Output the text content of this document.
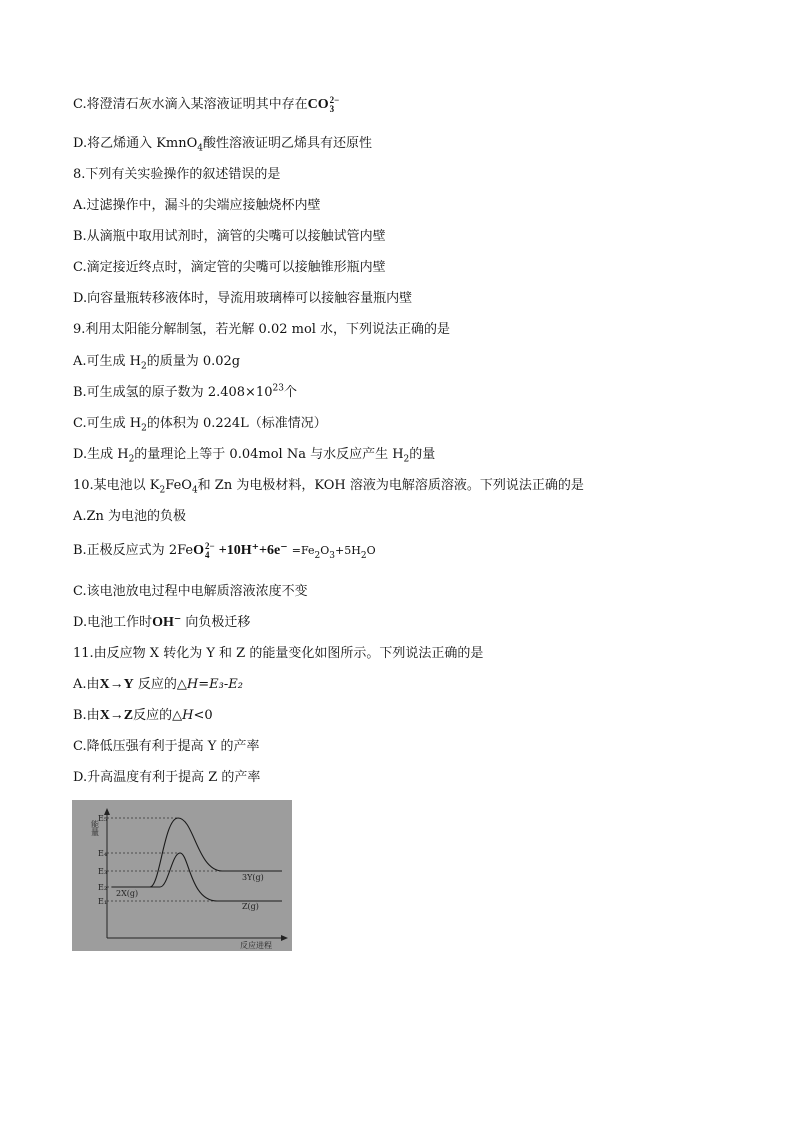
C.将澄清石灰水滴入某溶液证明其中存在CO 2−
3
D.将乙烯通入 KmnO$_4$酸性溶液证明乙烯具有还原性
8.下列有关实验操作的叙述错误的是
A.过滤操作中，漏斗的尖端应接触烧杯内壁
B.从滴瓶中取用试剂时，滴管的尖嘴可以接触试管内壁
C.滴定接近终点时，滴定管的尖嘴可以接触锥形瓶内壁
D.向容量瓶转移液体时，导流用玻璃棒可以接触容量瓶内壁
9.利用太阳能分解制氢，若光解 0.02 mol 水，下列说法正确的是
A.可生成 $H_2$的质量为 0.02g
B.可生成氢的原子数为 $2.408\times 10^{23}$个
C.可生成 $H_2$的体积为 0.224L（标准情况）
D.生成 $H_2$的量理论上等于 0.04mol Na 与水反应产生 $H_2$的量
10.某电池以 $K_2FeO_4$和 Zn 为电极材料，KOH 溶液为电解溶质溶液。下列说法正确的是
A.Zn 为电池的负极
B.正极反应式为 2FeO 2−
$4 +10H^++6e^- =Fe_2O_3+5H_2O$
C.该电池放电过程中电解质溶液浓度不变
D.电池工作时OH⁻ 向负极迁移
11.由反应物 X 转化为 Y 和 Z 的能量变化如图所示。下列说法正确的是
A.由X→Y 反应的△H=E₃-E₂
B.由X→Z反应的△H<0
C.降低压强有利于提高 Y 的产率
D.升高温度有利于提高 Z 的产率
能量
反应进程
E₅
E₄
E₃
E₂
E₁
2X(g)
3Y(g)
Z(g)
